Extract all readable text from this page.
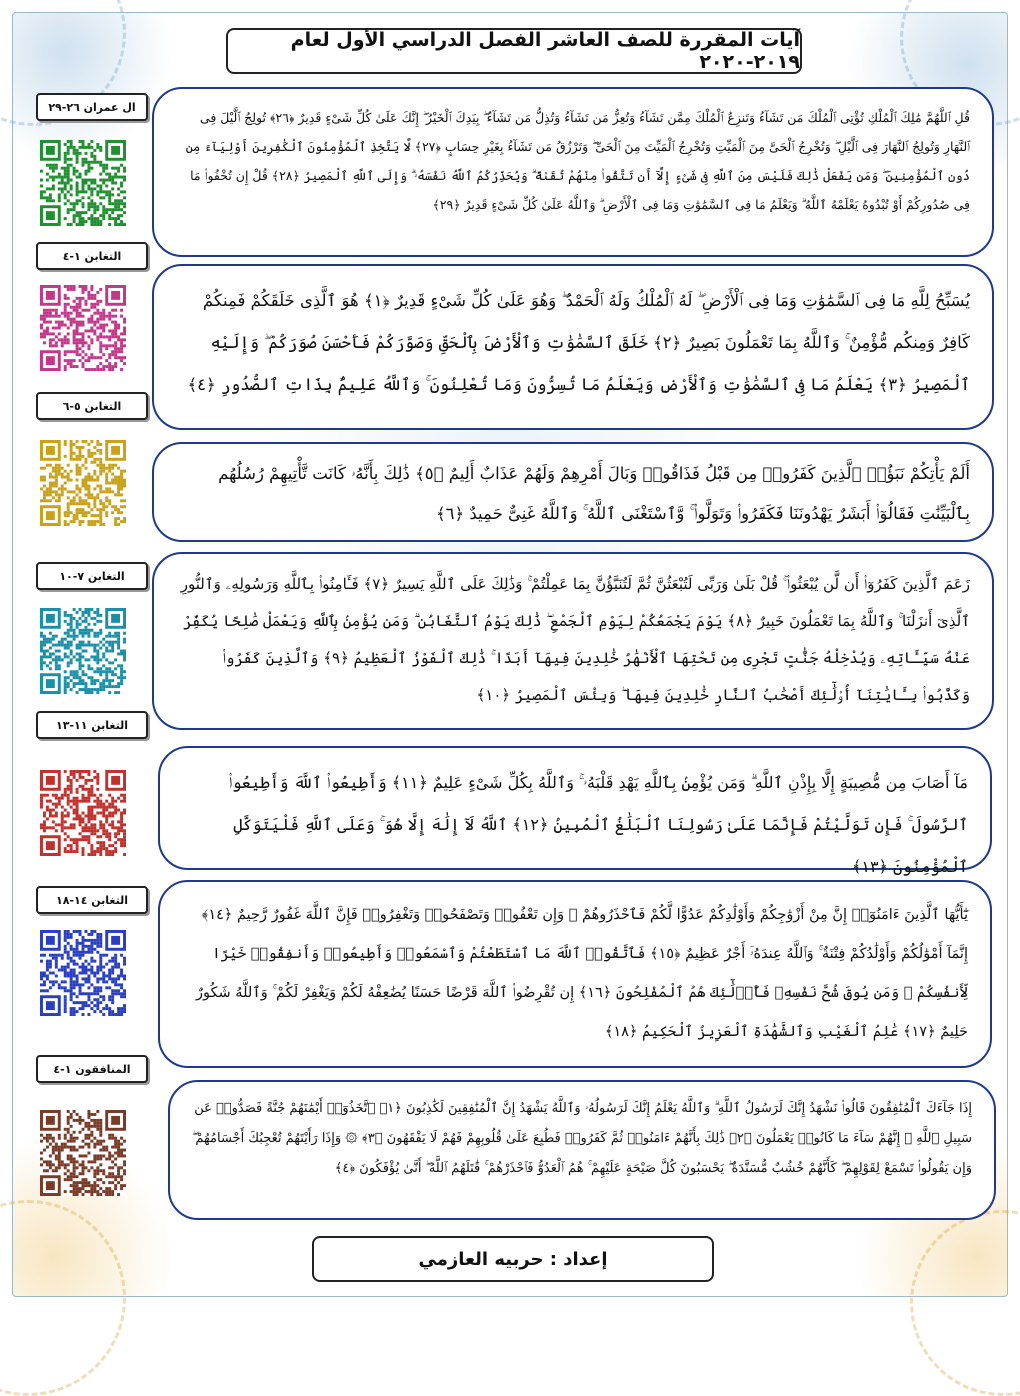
آيات المقررة للصف العاشر الفصل الدراسي الأول لعام ٢٠١٩-٢٠٢٠
ال عمران ٢٦-٢٩

قُلِ ٱللَّهُمَّ مَٰلِكَ ٱلْمُلْكِ تُؤْتِى ٱلْمُلْكَ مَن تَشَآءُ وَتَنزِعُ ٱلْمُلْكَ مِمَّن تَشَآءُ وَتُعِزُّ مَن تَشَآءُ وَتُذِلُّ مَن تَشَآءُ ۖ بِيَدِكَ ٱلْخَيْرُ ۖ إِنَّكَ عَلَىٰ كُلِّ شَىْءٍ قَدِيرٌ ﴿٢٦﴾ تُولِجُ ٱلَّيْلَ فِى ٱلنَّهَارِ وَتُولِجُ ٱلنَّهَارَ فِى ٱلَّيْلِ ۖ وَتُخْرِجُ ٱلْحَىَّ مِنَ ٱلْمَيِّتِ وَتُخْرِجُ ٱلْمَيِّتَ مِنَ ٱلْحَىِّ ۖ وَتَرْزُقُ مَن تَشَآءُ بِغَيْرِ حِسَابٍ ﴿٢٧﴾ لَّا يَتَّخِذِ ٱلْمُؤْمِنُونَ ٱلْكَٰفِرِينَ أَوْلِيَآءَ مِن دُونِ ٱلْمُؤْمِنِينَ ۖ وَمَن يَفْعَلْ ذَٰلِكَ فَلَيْسَ مِنَ ٱللَّهِ فِى شَىْءٍ إِلَّآ أَن تَتَّقُوا۟ مِنْهُمْ تُقَىٰةً ۗ وَيُحَذِّرُكُمُ ٱللَّهُ نَفْسَهُۥ ۗ وَإِلَى ٱللَّهِ ٱلْمَصِيرُ ﴿٢٨﴾ قُلْ إِن تُخْفُوا۟ مَا فِى صُدُورِكُمْ أَوْ تُبْدُوهُ يَعْلَمْهُ ٱللَّهُ ۗ وَيَعْلَمُ مَا فِى ٱلسَّمَٰوَٰتِ وَمَا فِى ٱلْأَرْضِ ۗ وَٱللَّهُ عَلَىٰ كُلِّ شَىْءٍ قَدِيرٌ ﴿٢٩﴾

التغابن ١-٤

يُسَبِّحُ لِلَّهِ مَا فِى ٱلسَّمَٰوَٰتِ وَمَا فِى ٱلْأَرْضِ ۖ لَهُ ٱلْمُلْكُ وَلَهُ ٱلْحَمْدُ ۖ وَهُوَ عَلَىٰ كُلِّ شَىْءٍ قَدِيرٌ ﴿١﴾ هُوَ ٱلَّذِى خَلَقَكُمْ فَمِنكُمْ كَافِرٌ وَمِنكُم مُّؤْمِنٌ ۚ وَٱللَّهُ بِمَا تَعْمَلُونَ بَصِيرٌ ﴿٢﴾ خَلَقَ ٱلسَّمَٰوَٰتِ وَٱلْأَرْضَ بِٱلْحَقِّ وَصَوَّرَكُمْ فَأَحْسَنَ صُوَرَكُمْ ۖ وَإِلَيْهِ ٱلْمَصِيرُ ﴿٣﴾ يَعْلَمُ مَا فِى ٱلسَّمَٰوَٰتِ وَٱلْأَرْضِ وَيَعْلَمُ مَا تُسِرُّونَ وَمَا تُعْلِنُونَ ۚ وَٱللَّهُ عَلِيمٌۢ بِذَاتِ ٱلصُّدُورِ ﴿٤﴾

التغابن ٥-٦

أَلَمْ يَأْتِكُمْ نَبَؤُا۟ ٱلَّذِينَ كَفَرُوا۟ مِن قَبْلُ فَذَاقُوا۟ وَبَالَ أَمْرِهِمْ وَلَهُمْ عَذَابٌ أَلِيمٌ ﴿٥﴾ ذَٰلِكَ بِأَنَّهُۥ كَانَت تَّأْتِيهِمْ رُسُلُهُم بِٱلْبَيِّنَٰتِ فَقَالُوٓا۟ أَبَشَرٌ يَهْدُونَنَا فَكَفَرُوا۟ وَتَوَلَّوا۟ ۚ وَّٱسْتَغْنَى ٱللَّهُ ۚ وَٱللَّهُ غَنِىٌّ حَمِيدٌ ﴿٦﴾

التغابن ٧-١٠	زَعَمَ ٱلَّذِينَ كَفَرُوٓا۟ أَن لَّن يُبْعَثُوا۟ ۚ قُلْ بَلَىٰ وَرَبِّى لَتُبْعَثُنَّ ثُمَّ لَتُنَبَّؤُنَّ بِمَا عَمِلْتُمْ ۚ وَذَٰلِكَ عَلَى ٱللَّهِ يَسِيرٌ ﴿٧﴾ فَـَٔامِنُوا۟ بِٱللَّهِ وَرَسُولِهِۦ وَٱلنُّورِ ٱلَّذِىٓ أَنزَلْنَا ۚ وَٱللَّهُ بِمَا تَعْمَلُونَ خَبِيرٌ ﴿٨﴾ يَوْمَ يَجْمَعُكُمْ لِيَوْمِ ٱلْجَمْعِ ۖ ذَٰلِكَ يَوْمُ ٱلتَّغَابُنِ ۗ وَمَن يُؤْمِنۢ بِٱللَّهِ وَيَعْمَلْ صَٰلِحًا يُكَفِّرْ عَنْهُ سَيِّـَٔاتِهِۦ وَيُدْخِلْهُ جَنَّٰتٍ تَجْرِى مِن تَحْتِهَا ٱلْأَنْهَٰرُ خَٰلِدِينَ فِيهَآ أَبَدًا ۚ ذَٰلِكَ ٱلْفَوْزُ ٱلْعَظِيمُ ﴿٩﴾ وَٱلَّذِينَ كَفَرُوا۟ وَكَذَّبُوا۟ بِـَٔايَٰتِنَآ أُو۟لَٰٓئِكَ أَصْحَٰبُ ٱلنَّارِ خَٰلِدِينَ فِيهَا ۖ وَبِئْسَ ٱلْمَصِيرُ ﴿١٠﴾

التغابن ١١-١٣

مَآ أَصَابَ مِن مُّصِيبَةٍ إِلَّا بِإِذْنِ ٱللَّهِ ۗ وَمَن يُؤْمِنۢ بِٱللَّهِ يَهْدِ قَلْبَهُۥ ۚ وَٱللَّهُ بِكُلِّ شَىْءٍ عَلِيمٌ ﴿١١﴾ وَأَطِيعُوا۟ ٱللَّهَ وَأَطِيعُوا۟ ٱلرَّسُولَ ۚ فَإِن تَوَلَّيْتُمْ فَإِنَّمَا عَلَىٰ رَسُولِنَا ٱلْبَلَٰغُ ٱلْمُبِينُ ﴿١٢﴾ ٱللَّهُ لَآ إِلَٰهَ إِلَّا هُوَ ۚ وَعَلَى ٱللَّهِ فَلْيَتَوَكَّلِ ٱلْمُؤْمِنُونَ ﴿١٣﴾

التغابن ١٤-١٨

يَٰٓأَيُّهَا ٱلَّذِينَ ءَامَنُوٓا۟ إِنَّ مِنْ أَزْوَٰجِكُمْ وَأَوْلَٰدِكُمْ عَدُوًّا لَّكُمْ فَٱحْذَرُوهُمْ ۚ وَإِن تَعْفُوا۟ وَتَصْفَحُوا۟ وَتَغْفِرُوا۟ فَإِنَّ ٱللَّهَ غَفُورٌ رَّحِيمٌ ﴿١٤﴾ إِنَّمَآ أَمْوَٰلُكُمْ وَأَوْلَٰدُكُمْ فِتْنَةٌ ۚ وَٱللَّهُ عِندَهُۥٓ أَجْرٌ عَظِيمٌ ﴿١٥﴾ فَٱتَّقُوا۟ ٱللَّهَ مَا ٱسْتَطَعْتُمْ وَٱسْمَعُوا۟ وَأَطِيعُوا۟ وَأَنفِقُوا۟ خَيْرًا لِّأَنفُسِكُمْ ۗ وَمَن يُوقَ شُحَّ نَفْسِهِۦ فَأُو۟لَٰٓئِكَ هُمُ ٱلْمُفْلِحُونَ ﴿١٦﴾ إِن تُقْرِضُوا۟ ٱللَّهَ قَرْضًا حَسَنًا يُضَٰعِفْهُ لَكُمْ وَيَغْفِرْ لَكُمْ ۚ وَٱللَّهُ شَكُورٌ حَلِيمٌ ﴿١٧﴾ عَٰلِمُ ٱلْغَيْبِ وَٱلشَّهَٰدَةِ ٱلْعَزِيزُ ٱلْحَكِيمُ ﴿١٨﴾

المنافقون ١-٤

إِذَا جَآءَكَ ٱلْمُنَٰفِقُونَ قَالُوا۟ نَشْهَدُ إِنَّكَ لَرَسُولُ ٱللَّهِ ۗ وَٱللَّهُ يَعْلَمُ إِنَّكَ لَرَسُولُهُۥ وَٱللَّهُ يَشْهَدُ إِنَّ ٱلْمُنَٰفِقِينَ لَكَٰذِبُونَ ﴿١﴾ ٱتَّخَذُوٓا۟ أَيْمَٰنَهُمْ جُنَّةً فَصَدُّوا۟ عَن سَبِيلِ ٱللَّهِ ۚ إِنَّهُمْ سَآءَ مَا كَانُوا۟ يَعْمَلُونَ ﴿٢﴾ ذَٰلِكَ بِأَنَّهُمْ ءَامَنُوا۟ ثُمَّ كَفَرُوا۟ فَطُبِعَ عَلَىٰ قُلُوبِهِمْ فَهُمْ لَا يَفْقَهُونَ ﴿٣﴾ ۞ وَإِذَا رَأَيْتَهُمْ تُعْجِبُكَ أَجْسَامُهُمْ ۖ وَإِن يَقُولُوا۟ تَسْمَعْ لِقَوْلِهِمْ ۖ كَأَنَّهُمْ خُشُبٌ مُّسَنَّدَةٌ ۖ يَحْسَبُونَ كُلَّ صَيْحَةٍ عَلَيْهِمْ ۚ هُمُ ٱلْعَدُوُّ فَٱحْذَرْهُمْ ۚ قَٰتَلَهُمُ ٱللَّهُ ۖ أَنَّىٰ يُؤْفَكُونَ ﴿٤﴾

إعداد : حربيه العازمي
